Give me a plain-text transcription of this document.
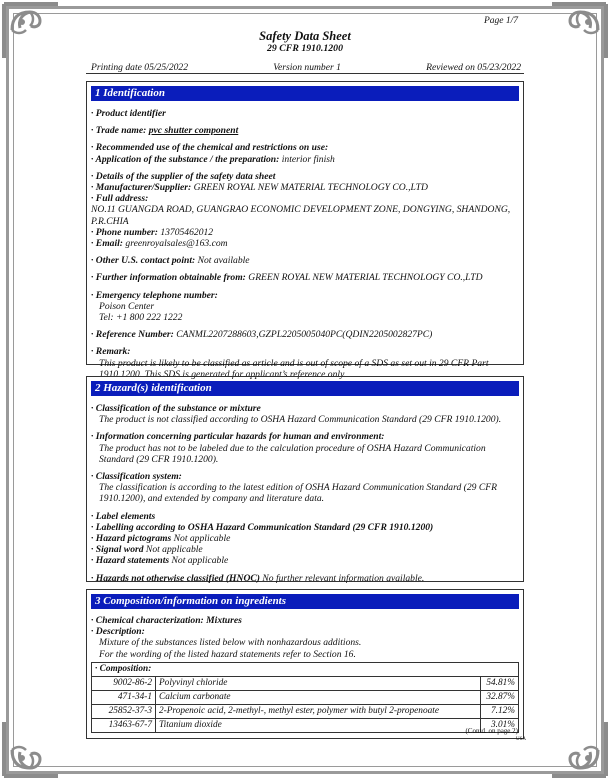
Page 1/7
Safety Data Sheet
29 CFR 1910.1200
Printing date 05/25/2022	Version number 1	Reviewed on 05/23/2022
1 Identification
· Product identifier
· Trade name: pvc shutter component
· Recommended use of the chemical and restrictions on use:
· Application of the substance / the preparation: interior finish
· Details of the supplier of the safety data sheet
· Manufacturer/Supplier: GREEN ROYAL NEW MATERIAL TECHNOLOGY CO.,LTD
· Full address:
NO.11 GUANGDA ROAD, GUANGRAO ECONOMIC DEVELOPMENT ZONE, DONGYING, SHANDONG,
P.R.CHIA
· Phone number: 13705462012
· Email: greenroyalsales@163.com
· Other U.S. contact point: Not available
· Further information obtainable from: GREEN ROYAL NEW MATERIAL TECHNOLOGY CO.,LTD
· Emergency telephone number:
Poison Center
Tel: +1 800 222 1222
· Reference Number: CANML2207288603,GZPL2205005040PC(QDIN2205002827PC)
· Remark:
This product is likely to be classified as article and is out of scope of a SDS as set out in 29 CFR Part
1910.1200. This SDS is generated for applicant’s reference only.
2 Hazard(s) identification
· Classification of the substance or mixture
The product is not classified according to OSHA Hazard Communication Standard (29 CFR 1910.1200).
· Information concerning particular hazards for human and environment:
The product has not to be labeled due to the calculation procedure of OSHA Hazard Communication
Standard (29 CFR 1910.1200).
· Classification system:
The classification is according to the latest edition of OSHA Hazard Communication Standard (29 CFR
1910.1200), and extended by company and literature data.
· Label elements
· Labelling according to OSHA Hazard Communication Standard (29 CFR 1910.1200)
· Hazard pictograms Not applicable
· Signal word Not applicable
· Hazard statements Not applicable
· Hazards not otherwise classified (HNOC) No further relevant information available.
3 Composition/information on ingredients
· Chemical characterization: Mixtures
· Description:
Mixture of the substances listed below with nonhazardous additions.
For the wording of the listed hazard statements refer to Section 16.
· Composition:		
9002-86-2	Polyvinyl chloride	54.81%
471-34-1	Calcium carbonate	32.87%
25852-37-3	2-Propenoic acid, 2-methyl-, methyl ester, polymer with butyl 2-propenoate	7.12%
13463-67-7	Titanium dioxide	3.01%
(Contd. on page 2)
USA
